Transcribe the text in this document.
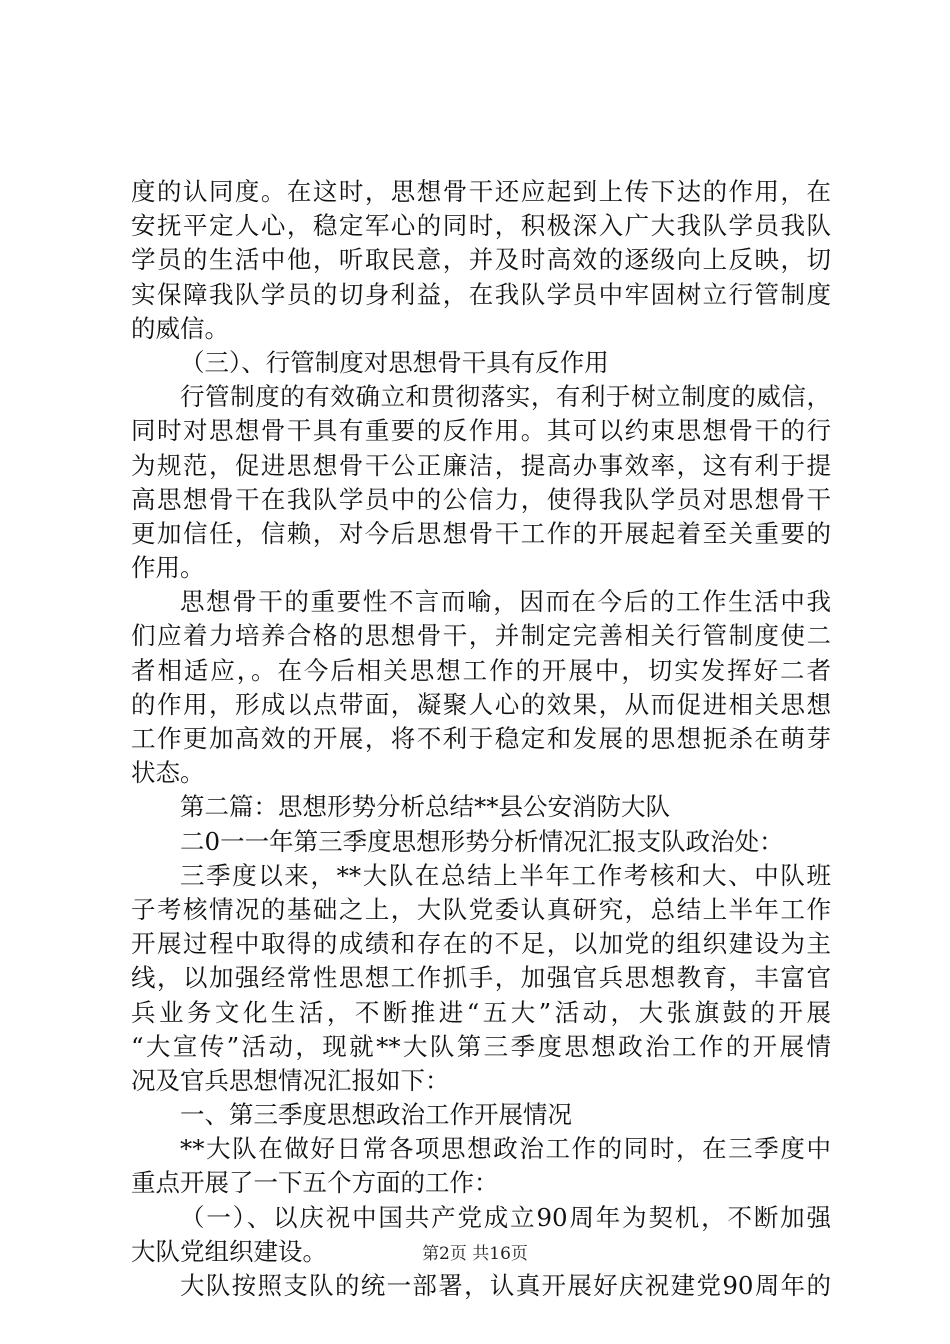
度的认同度。在这时，思想骨干还应起到上传下达的作用，在
安抚平定人心，稳定军心的同时，积极深入广大我队学员我队
学员的生活中他，听取民意，并及时高效的逐级向上反映，切
实保障我队学员的切身利益，在我队学员中牢固树立行管制度
的威信。
（三）、行管制度对思想骨干具有反作用
行管制度的有效确立和贯彻落实，有利于树立制度的威信，
同时对思想骨干具有重要的反作用。其可以约束思想骨干的行
为规范，促进思想骨干公正廉洁，提高办事效率，这有利于提
高思想骨干在我队学员中的公信力，使得我队学员对思想骨干
更加信任，信赖，对今后思想骨干工作的开展起着至关重要的
作用。
思想骨干的重要性不言而喻，因而在今后的工作生活中我
们应着力培养合格的思想骨干，并制定完善相关行管制度使二
者相适应，。在今后相关思想工作的开展中，切实发挥好二者
的作用，形成以点带面，凝聚人心的效果，从而促进相关思想
工作更加高效的开展，将不利于稳定和发展的思想扼杀在萌芽
状态。
第二篇：思想形势分析总结**县公安消防大队
二0一一年第三季度思想形势分析情况汇报支队政治处：
三季度以来，**大队在总结上半年工作考核和大、中队班
子考核情况的基础之上，大队党委认真研究，总结上半年工作
开展过程中取得的成绩和存在的不足，以加党的组织建设为主
线，以加强经常性思想工作抓手，加强官兵思想教育，丰富官
兵业务文化生活，不断推进“五大”活动，大张旗鼓的开展
“大宣传”活动，现就**大队第三季度思想政治工作的开展情
况及官兵思想情况汇报如下：
一、第三季度思想政治工作开展情况
**大队在做好日常各项思想政治工作的同时，在三季度中
重点开展了一下五个方面的工作：
（一）、以庆祝中国共产党成立90周年为契机，不断加强
大队党组织建设。
大队按照支队的统一部署，认真开展好庆祝建党90周年的
第2页 共16页
